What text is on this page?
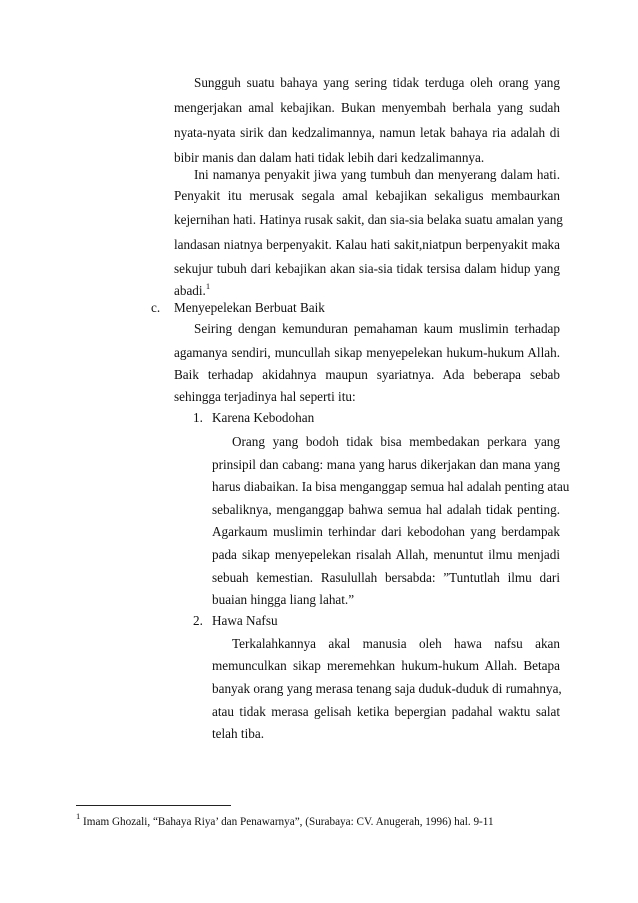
Sungguh suatu bahaya yang sering tidak terduga oleh orang yang
mengerjakan amal kebajikan. Bukan menyembah berhala yang sudah
nyata-nyata sirik dan kedzalimannya, namun letak bahaya ria adalah di
bibir manis dan dalam hati tidak lebih dari kedzalimannya.
Ini namanya penyakit jiwa yang tumbuh dan menyerang dalam hati.
Penyakit itu merusak segala amal kebajikan sekaligus membaurkan
kejernihan hati. Hatinya rusak sakit, dan sia-sia belaka suatu amalan yang
landasan niatnya berpenyakit. Kalau hati sakit,niatpun berpenyakit maka
sekujur tubuh dari kebajikan akan sia-sia tidak tersisa dalam hidup yang
abadi.$^1$
c. Menyepelekan Berbuat Baik
Seiring dengan kemunduran pemahaman kaum muslimin terhadap
agamanya sendiri, muncullah sikap menyepelekan hukum-hukum Allah.
Baik terhadap akidahnya maupun syariatnya. Ada beberapa sebab
sehingga terjadinya hal seperti itu:
1. Karena Kebodohan
Orang yang bodoh tidak bisa membedakan perkara yang
prinsipil dan cabang: mana yang harus dikerjakan dan mana yang
harus diabaikan. Ia bisa menganggap semua hal adalah penting atau
sebaliknya, menganggap bahwa semua hal adalah tidak penting.
Agarkaum muslimin terhindar dari kebodohan yang berdampak
pada sikap menyepelekan risalah Allah, menuntut ilmu menjadi
sebuah kemestian. Rasulullah bersabda: ”Tuntutlah ilmu dari
buaian hingga liang lahat.”
2. Hawa Nafsu
Terkalahkannya akal manusia oleh hawa nafsu akan
memunculkan sikap meremehkan hukum-hukum Allah. Betapa
banyak orang yang merasa tenang saja duduk-duduk di rumahnya,
atau tidak merasa gelisah ketika bepergian padahal waktu salat
telah tiba.
$^1$ Imam Ghozali, “Bahaya Riya’ dan Penawarnya”, (Surabaya: CV. Anugerah, 1996) hal. 9-11
